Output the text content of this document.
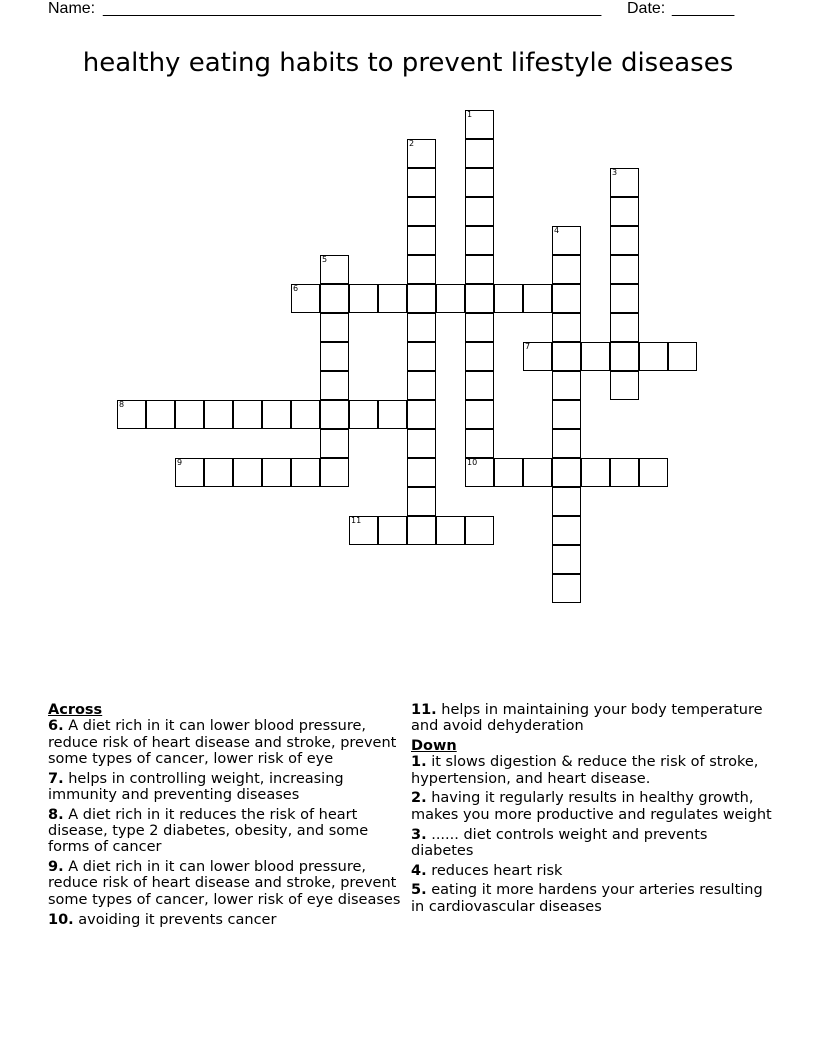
Name: ________________________________________________________ Date: _______
healthy eating habits to prevent lifestyle diseases
1
10
2
3
4
5
6
7
8
9
11
Across
6. A diet rich in it can lower blood pressure, reduce risk of heart disease and stroke, prevent some types of cancer, lower risk of eye
7. helps in controlling weight, increasing immunity and preventing diseases
8. A diet rich in it reduces the risk of heart disease, type 2 diabetes, obesity, and some forms of cancer
9. A diet rich in it can lower blood pressure, reduce risk of heart disease and stroke, prevent some types of cancer, lower risk of eye diseases
10. avoiding it prevents cancer
11. helps in maintaining your body temperature and avoid dehyderation
Down
1. it slows digestion & reduce the risk of stroke, hypertension, and heart disease.
2. having it regularly results in healthy growth, makes you more productive and regulates weight
3. ...... diet controls weight and prevents diabetes
4. reduces heart risk
5. eating it more hardens your arteries resulting in cardiovascular diseases
